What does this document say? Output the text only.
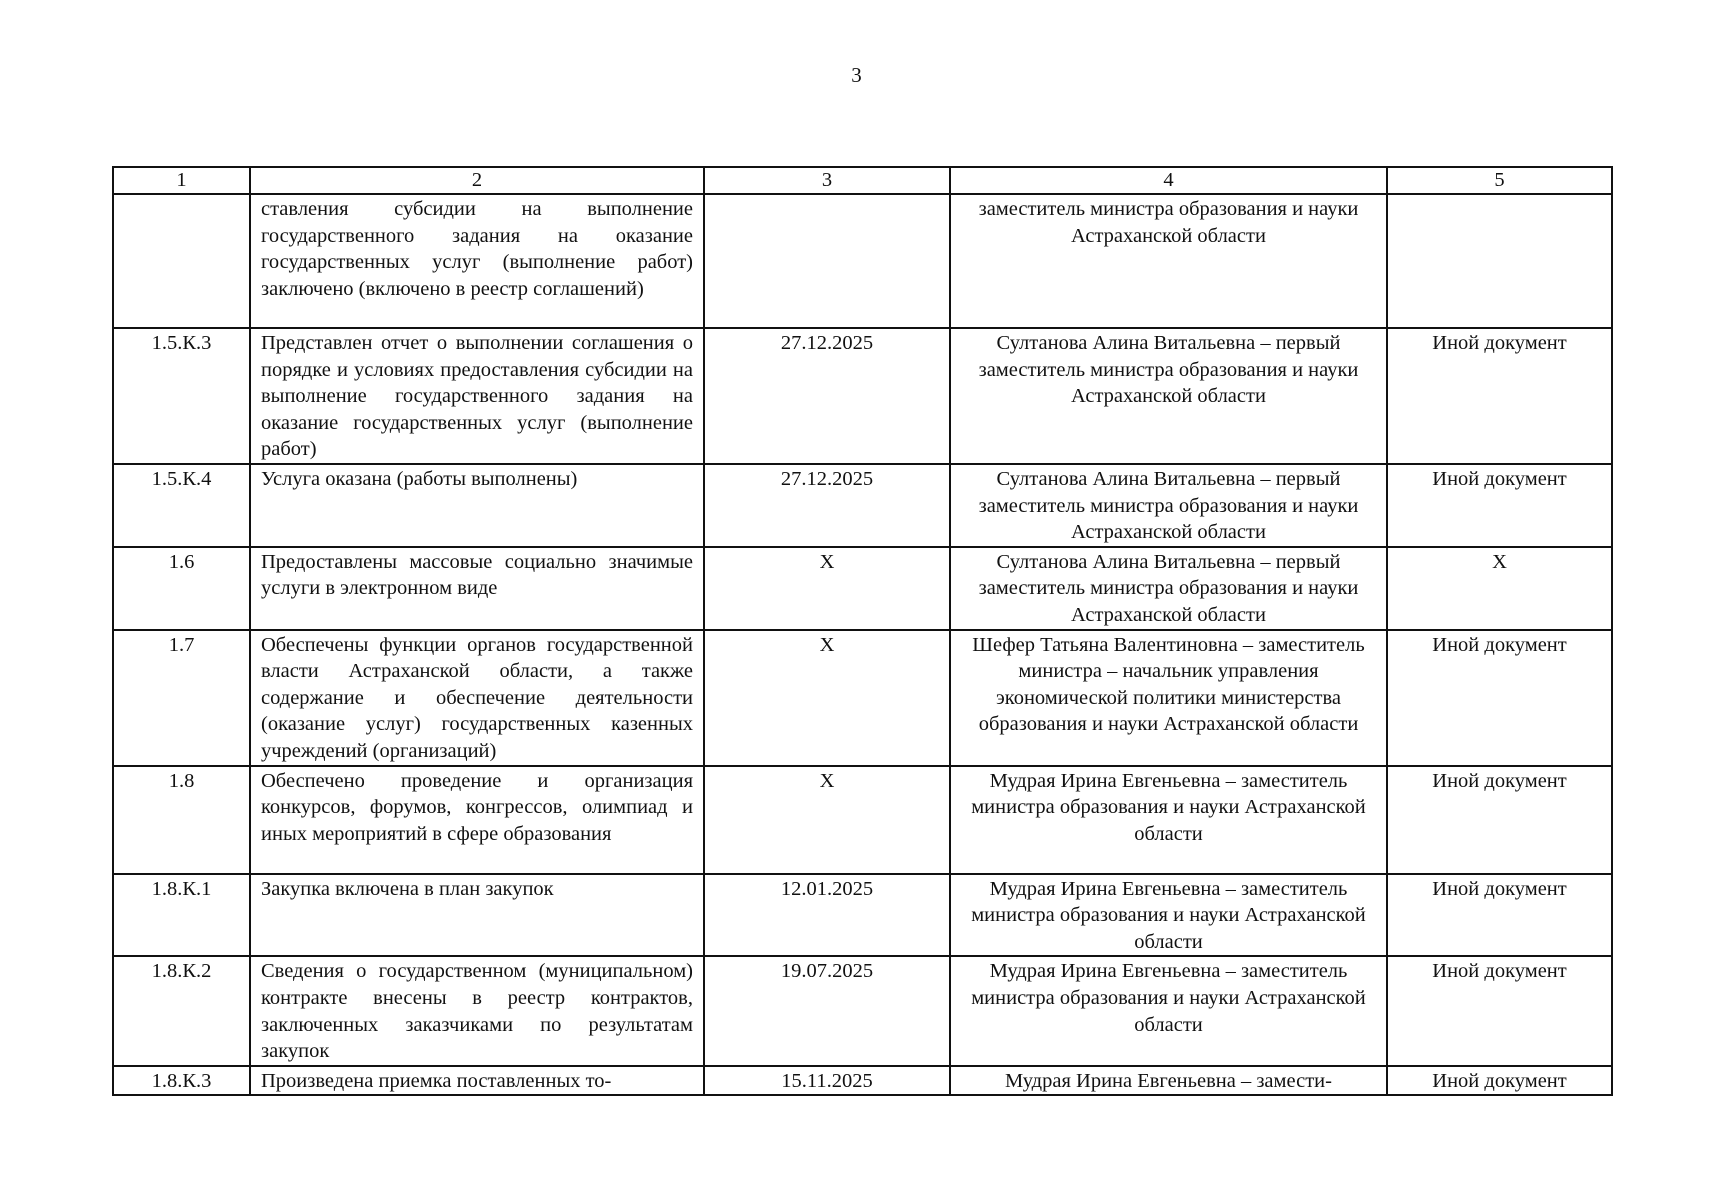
3
1	2	3	4	5
	ставления субсидии на выполнение государственного задания на оказание государственных услуг (выполнение работ) заключено (включено в реестр соглашений)		заместитель министра образования и науки Астраханской области	
1.5.К.3	Представлен отчет о выполнении соглашения о порядке и условиях предоставления субсидии на выполнение государственного задания на оказание государственных услуг (выполнение работ)	27.12.2025	Султанова Алина Витальевна – первый заместитель министра образования и науки Астраханской области	Иной документ
1.5.К.4	Услуга оказана (работы выполнены)	27.12.2025	Султанова Алина Витальевна – первый заместитель министра образования и науки Астраханской области	Иной документ
1.6	Предоставлены массовые социально значимые услуги в электронном виде	Х	Султанова Алина Витальевна – первый заместитель министра образования и науки Астраханской области	Х
1.7	Обеспечены функции органов государственной власти Астраханской области, а также содержание и обеспечение деятельности (оказание услуг) государственных казенных учреждений (организаций)	Х	Шефер Татьяна Валентиновна – заместитель министра – начальник управления экономической политики министерства образования и науки Астраханской области	Иной документ
1.8	Обеспечено проведение и организация конкурсов, форумов, конгрессов, олимпиад и иных мероприятий в сфере образования	Х	Мудрая Ирина Евгеньевна – заместитель министра образования и науки Астраханской области	Иной документ
1.8.К.1	Закупка включена в план закупок	12.01.2025	Мудрая Ирина Евгеньевна – заместитель министра образования и науки Астраханской области	Иной документ
1.8.К.2	Сведения о государственном (муниципальном) контракте внесены в реестр контрактов, заключенных заказчиками по результатам закупок	19.07.2025	Мудрая Ирина Евгеньевна – заместитель министра образования и науки Астраханской области	Иной документ
1.8.К.3	Произведена приемка поставленных то-	15.11.2025	Мудрая Ирина Евгеньевна – замести-	Иной документ
